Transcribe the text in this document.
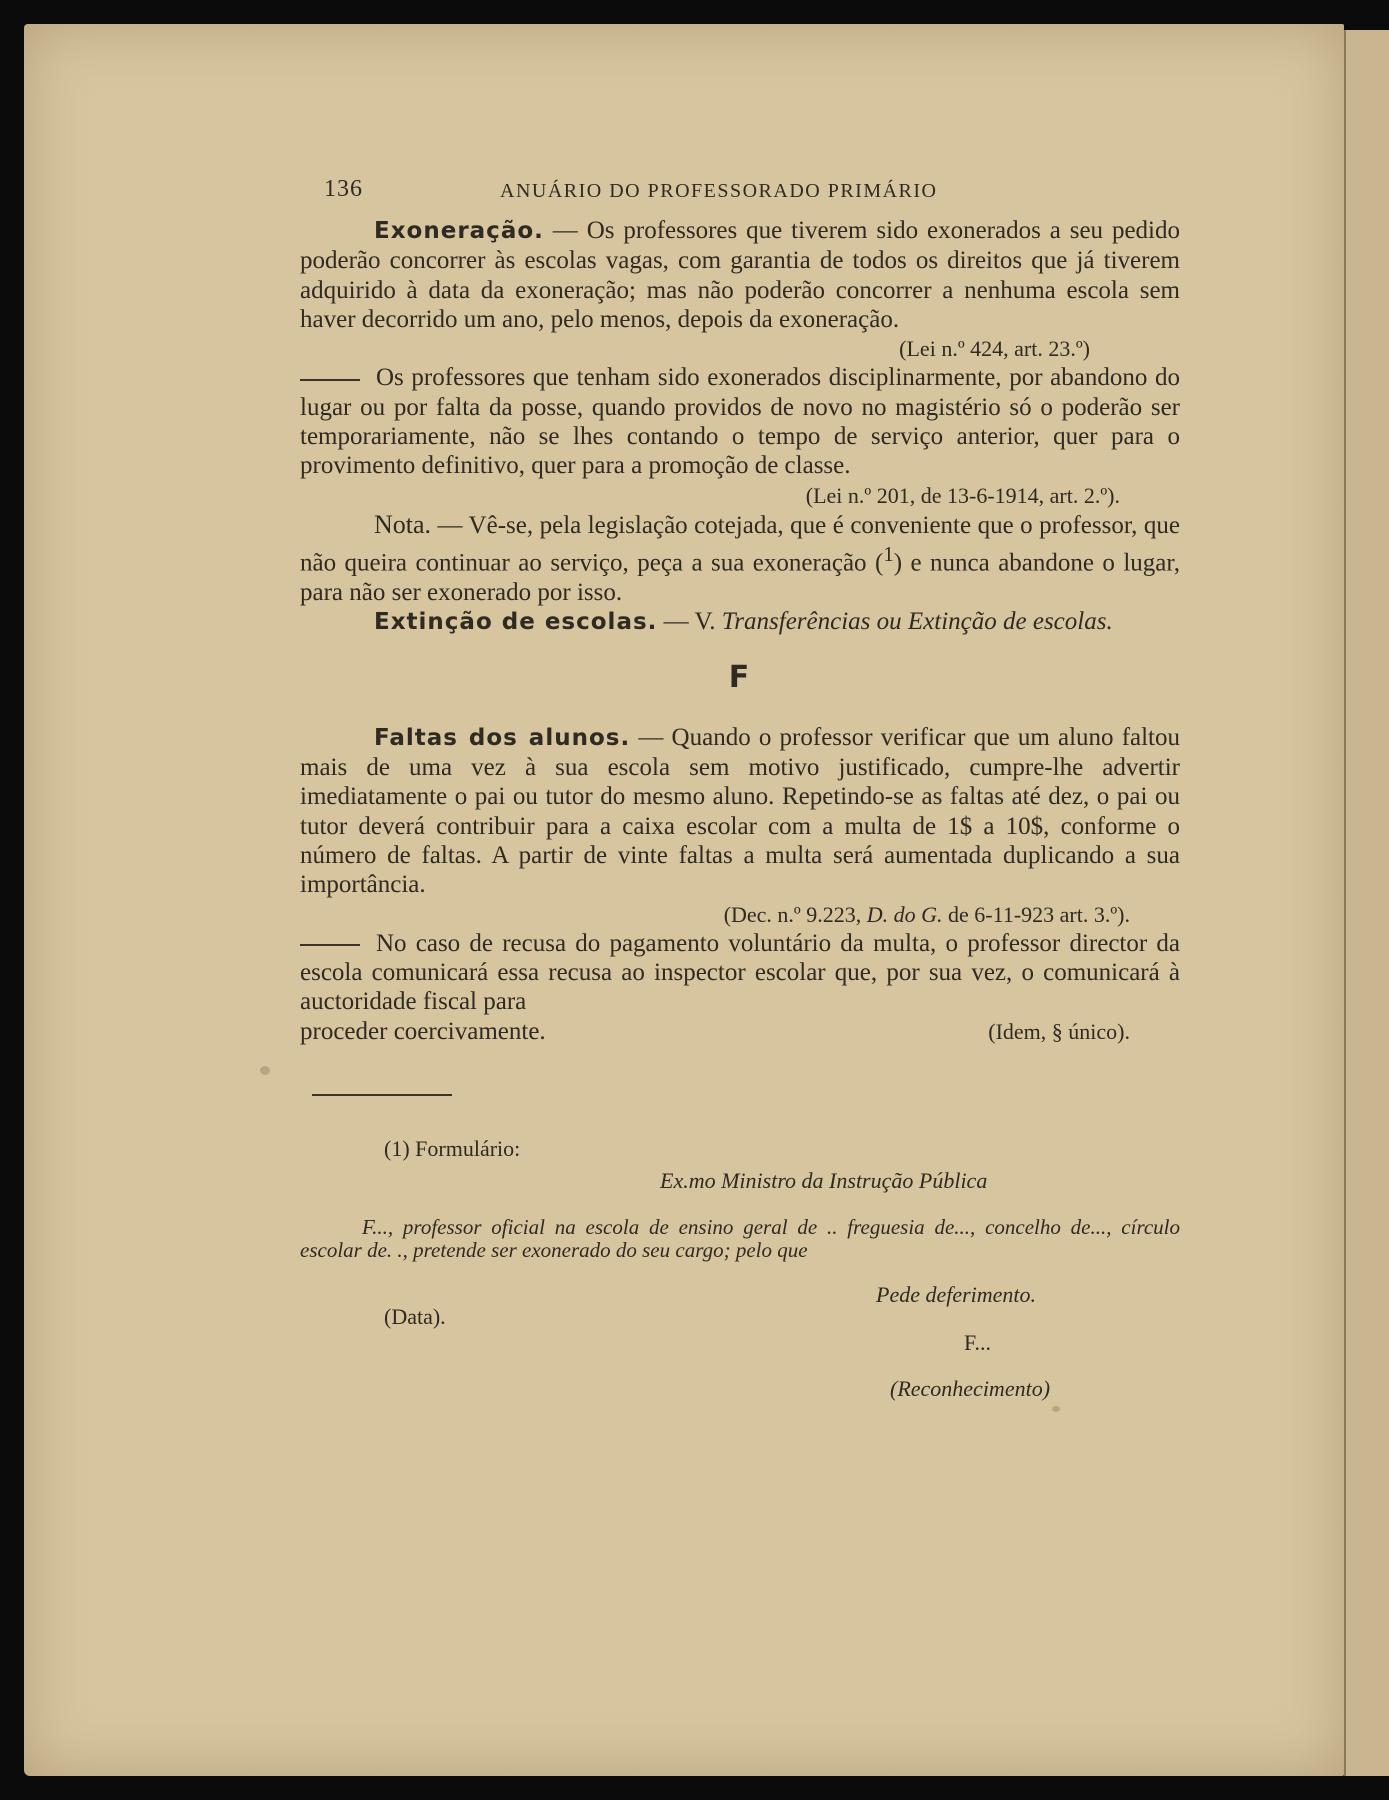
136	ANUÁRIO DO PROFESSORADO PRIMÁRIO

Exoneração. — Os professores que tiverem sido exonerados a seu pedido poderão concorrer às escolas vagas, com garantia de todos os direitos que já tiverem adquirido à data da exoneração; mas não poderão concorrer a nenhuma escola sem haver decorrido um ano, pelo menos, depois da exoneração.

(Lei n.º 424, art. 23.º)

Os professores que tenham sido exonerados disciplinarmente, por abandono do lugar ou por falta da posse, quando providos de novo no magistério só o poderão ser temporariamente, não se lhes contando o tempo de serviço anterior, quer para o provimento definitivo, quer para a promoção de classe.

(Lei n.º 201, de 13-6-1914, art. 2.º).

Nota. — Vê-se, pela legislação cotejada, que é conveniente que o professor, que não queira continuar ao serviço, peça a sua exoneração ($^1$) e nunca abandone o lugar, para não ser exonerado por isso.

Extinção de escolas. — V. Transferências ou Extinção de escolas.

F

Faltas dos alunos. — Quando o professor verificar que um aluno faltou mais de uma vez à sua escola sem motivo justificado, cumpre-lhe advertir imediatamente o pai ou tutor do mesmo aluno. Repetindo-se as faltas até dez, o pai ou tutor deverá contribuir para a caixa escolar com a multa de 1$ a 10$, conforme o número de faltas. A partir de vinte faltas a multa será aumentada duplicando a sua importância.

(Dec. n.º 9.223, D. do G. de 6-11-923 art. 3.º).

No caso de recusa do pagamento voluntário da multa, o professor director da escola comunicará essa recusa ao inspector escolar que, por sua vez, o comunicará à auctoridade fiscal para

proceder coercivamente.	(Idem, § único).

(1) Formulário:
Ex.mo Ministro da Instrução Pública
F..., professor oficial na escola de ensino geral de .. freguesia de..., concelho de..., círculo escolar de. ., pretende ser exonerado do seu cargo; pelo que
Pede deferimento.
(Data).
F...
(Reconhecimento)
